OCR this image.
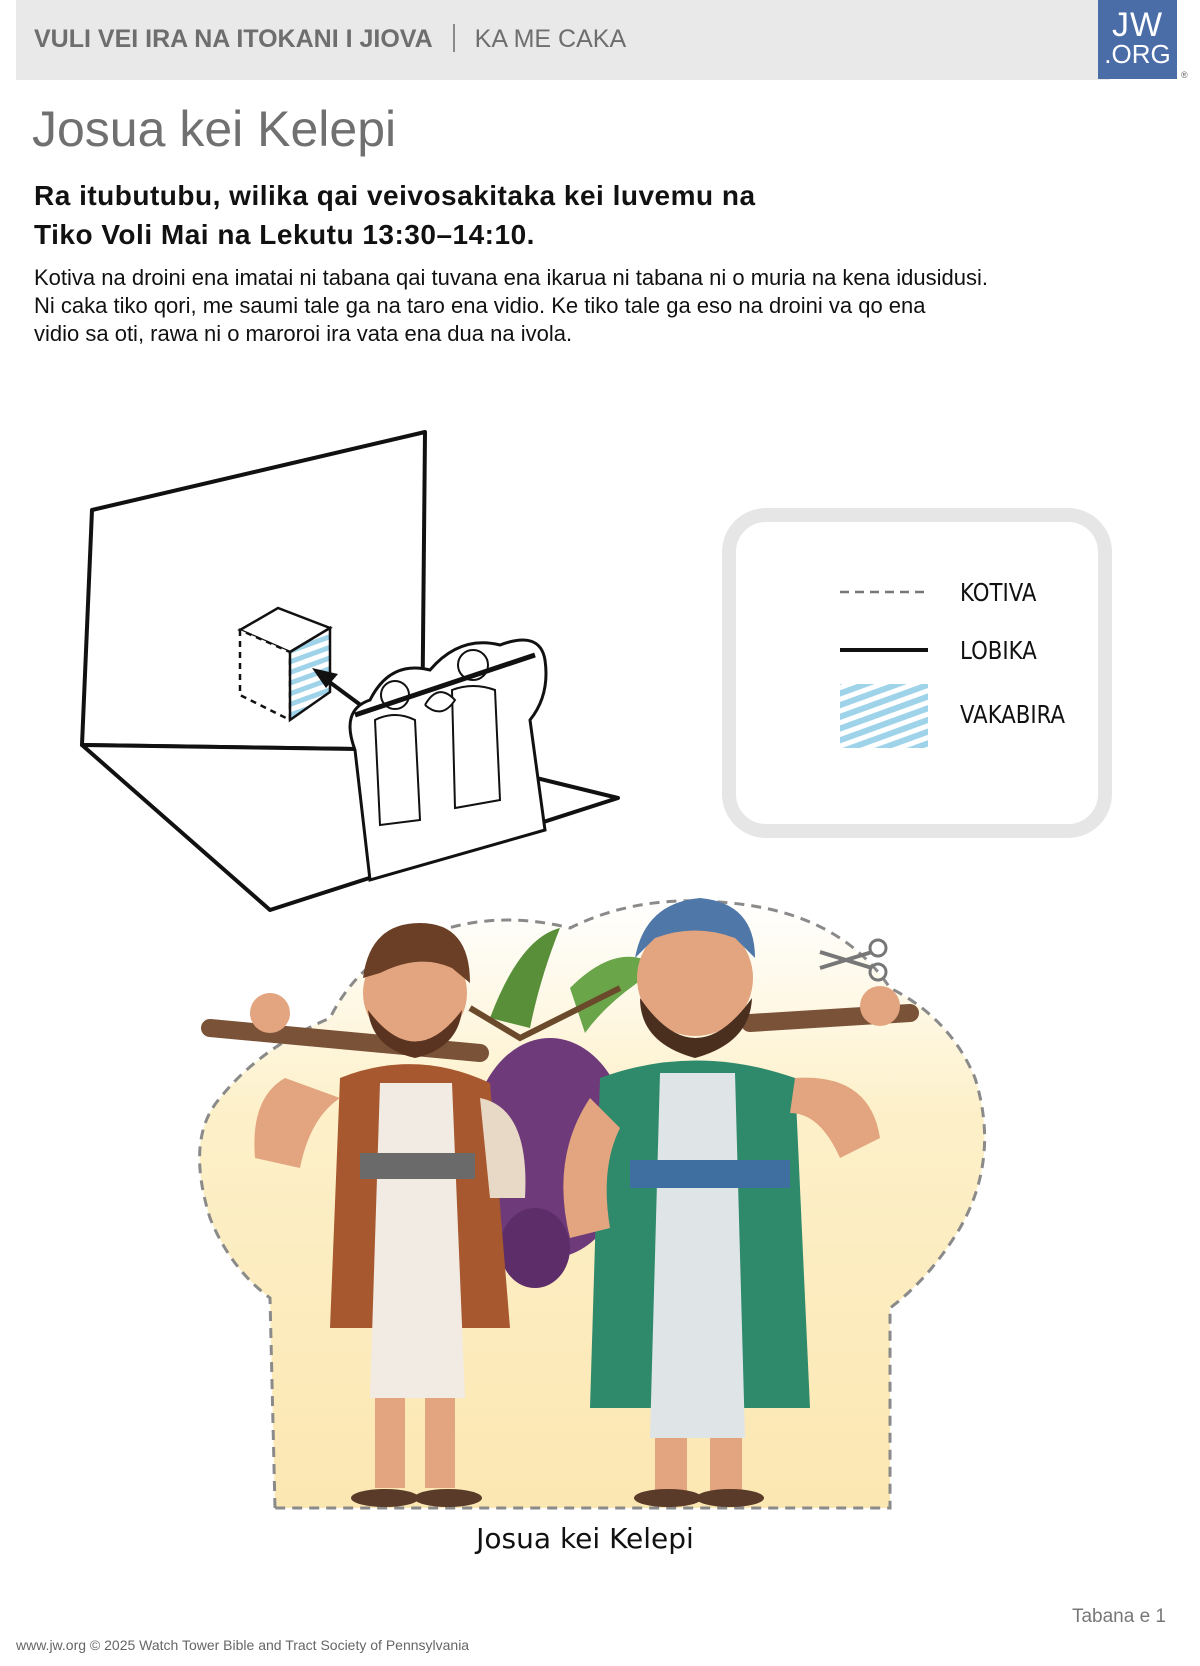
VULI VEI IRA NA ITOKANI I JIOVA KA ME CAKA	JW
.ORG
®
Josua kei Kelepi
Ra itubutubu, wilika qai veivosakitaka kei luvemu na
Tiko Voli Mai na Lekutu 13:30–14:10.
Kotiva na droini ena imatai ni tabana qai tuvana ena ikarua ni tabana ni o muria na kena idusidusi.
Ni caka tiko qori, me saumi tale ga na taro ena vidio. Ke tiko tale ga eso na droini va qo ena
vidio sa oti, rawa ni o maroroi ira vata ena dua na ivola.
KOTIVA
LOBIKA
VAKABIRA
Josua kei Kelepi
Tabana e 1
www.jw.org © 2025 Watch Tower Bible and Tract Society of Pennsylvania
